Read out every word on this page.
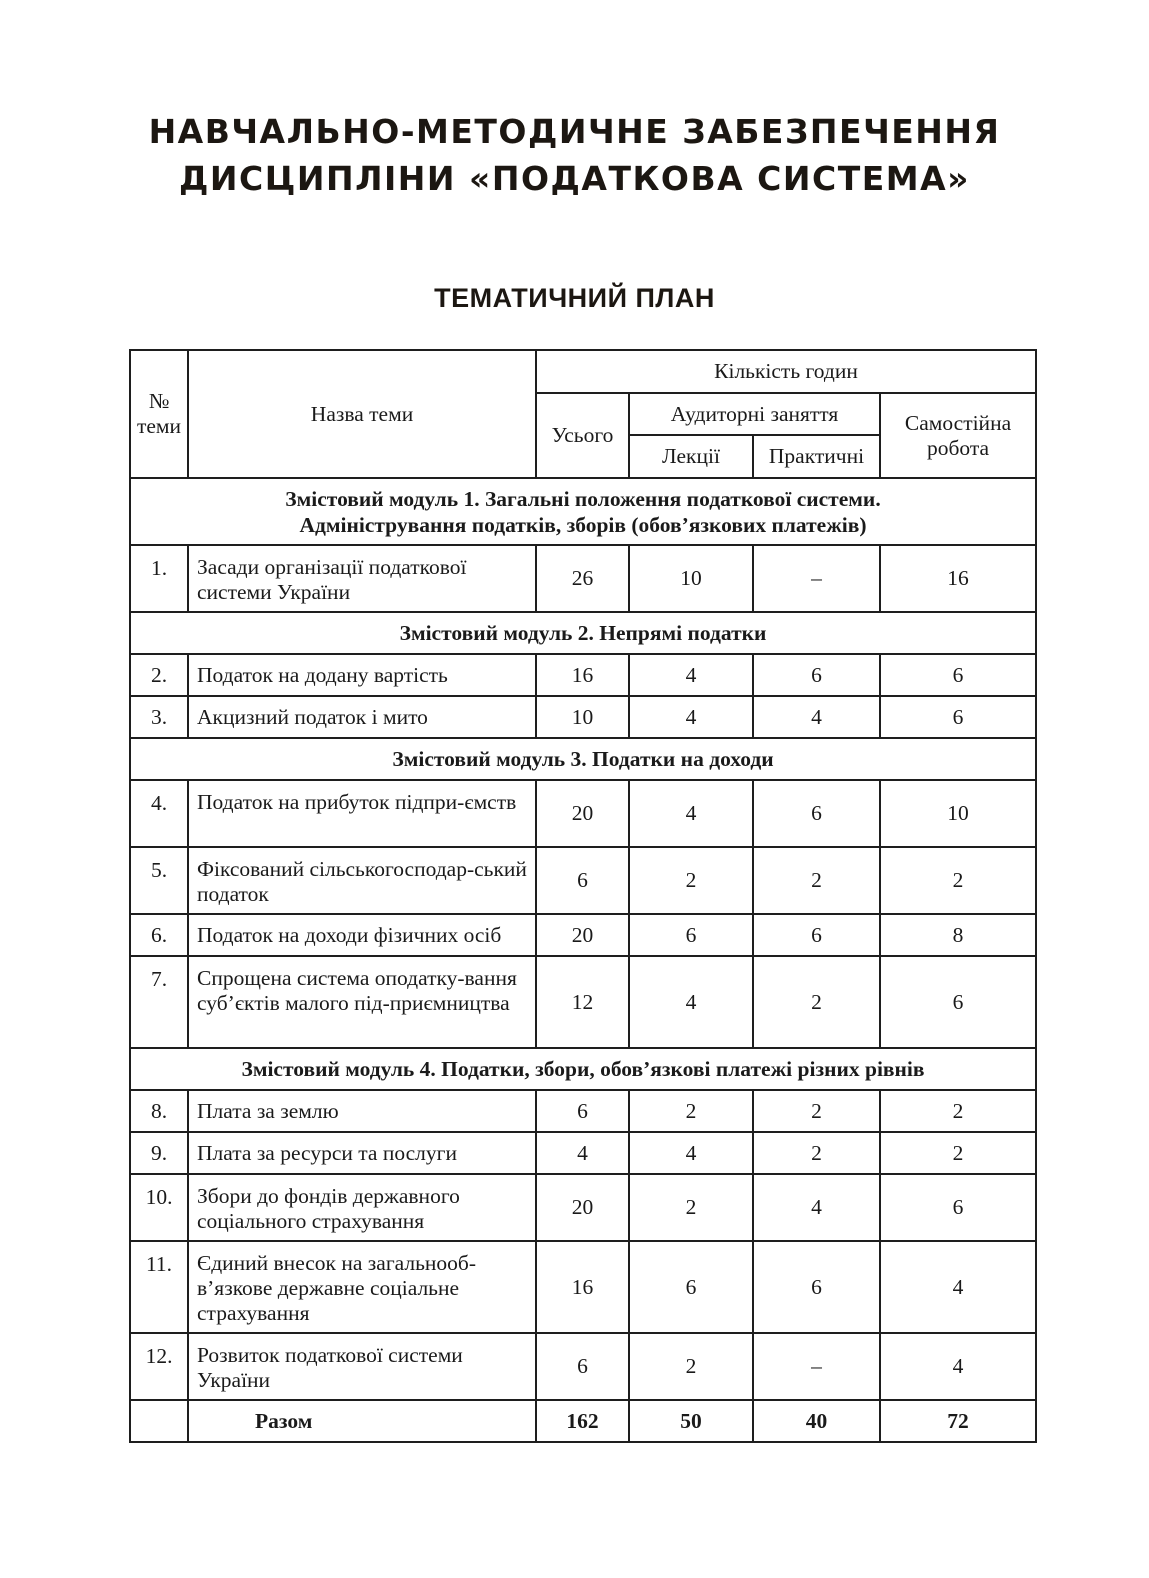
НАВЧАЛЬНО-МЕТОДИЧНЕ ЗАБЕЗПЕЧЕННЯ
ДИСЦИПЛІНИ «ПОДАТКОВА СИСТЕМА»
ТЕМАТИЧНИЙ ПЛАН
№ теми	Назва теми	Кількість годин			
		Усього	Аудиторні заняття		Самостійна робота
			Лекції	Практичні	
Змістовий модуль 1. Загальні положення податкової системи. Адміністрування податків, зборів (обов’язкових платежів)					
1.	Засади організації податкової системи України	26	10	–	16
Змістовий модуль 2. Непрямі податки					
2.	Податок на додану вартість	16	4	6	6
3.	Акцизний податок і мито	10	4	4	6
Змістовий модуль 3. Податки на доходи					
4.	Податок на прибуток підпри-ємств	20	4	6	10
5.	Фіксований сільськогосподар-ський податок	6	2	2	2
6.	Податок на доходи фізичних осіб	20	6	6	8
7.	Спрощена система оподатку-вання суб’єктів малого під-приємництва	12	4	2	6
Змістовий модуль 4. Податки, збори, обов’язкові платежі різних рівнів					
8.	Плата за землю	6	2	2	2
9.	Плата за ресурси та послуги	4	4	2	2
10.	Збори до фондів державного соціального страхування	20	2	4	6
11.	Єдиний внесок на загальнооб-в’язкове державне соціальне страхування	16	6	6	4
12.	Розвиток податкової системи України	6	2	–	4
	Разом	162	50	40	72
